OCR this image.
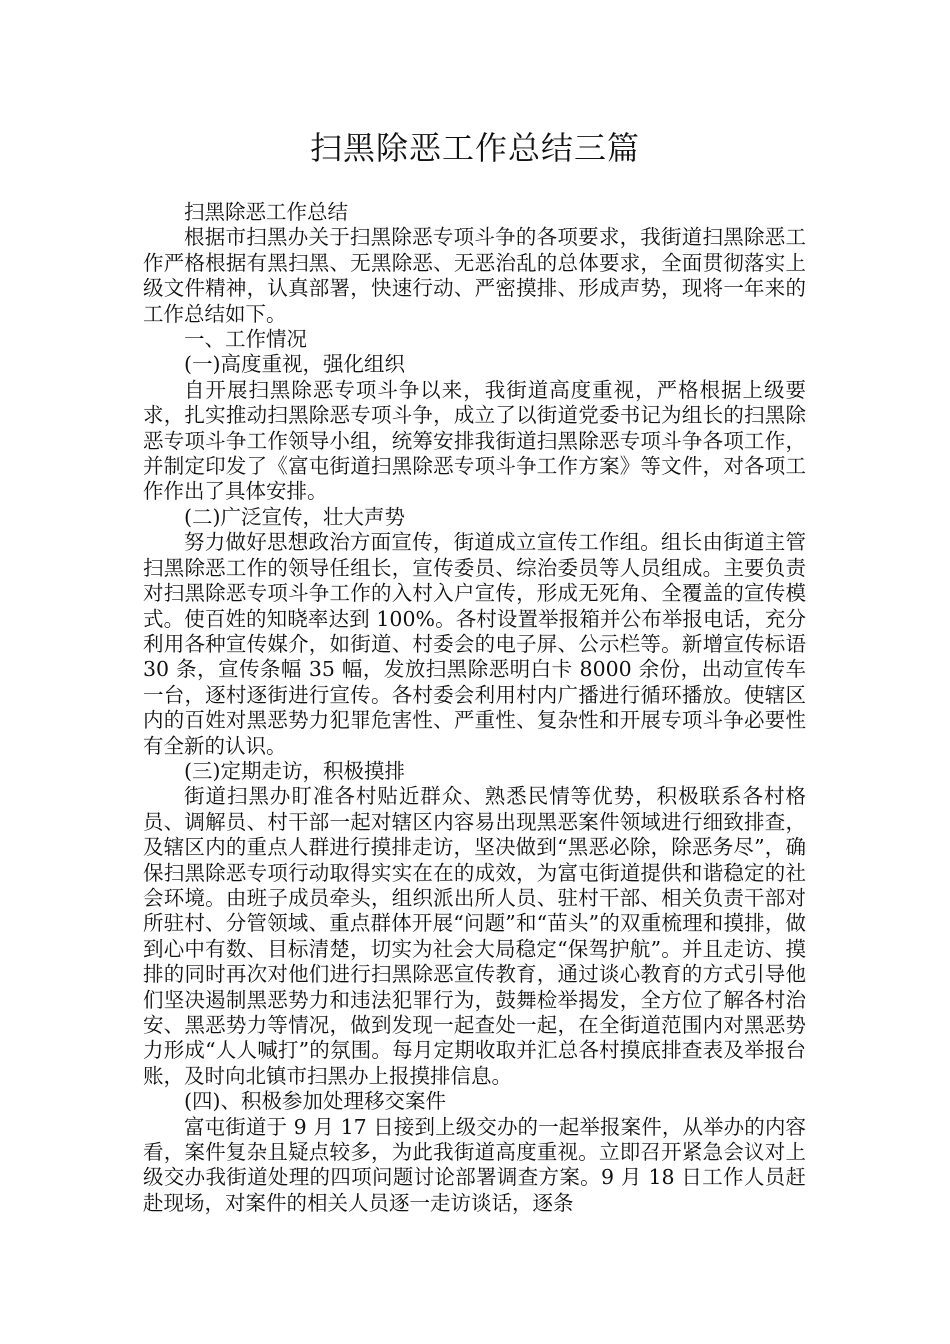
扫黑除恶工作总结三篇

扫黑除恶工作总结

根据市扫黑办关于扫黑除恶专项斗争的各项要求，我街道扫黑除恶工作严格根据有黑扫黑、无黑除恶、无恶治乱的总体要求，全面贯彻落实上级文件精神，认真部署，快速行动、严密摸排、形成声势，现将一年来的工作总结如下。

一、工作情况

(一)高度重视，强化组织

自开展扫黑除恶专项斗争以来，我街道高度重视，严格根据上级要求，扎实推动扫黑除恶专项斗争，成立了以街道党委书记为组长的扫黑除恶专项斗争工作领导小组，统筹安排我街道扫黑除恶专项斗争各项工作，并制定印发了《富屯街道扫黑除恶专项斗争工作方案》等文件，对各项工作作出了具体安排。

(二)广泛宣传，壮大声势

努力做好思想政治方面宣传，街道成立宣传工作组。组长由街道主管扫黑除恶工作的领导任组长，宣传委员、综治委员等人员组成。主要负责对扫黑除恶专项斗争工作的入村入户宣传，形成无死角、全覆盖的宣传模式。使百姓的知晓率达到 100%。各村设置举报箱并公布举报电话，充分利用各种宣传媒介，如街道、村委会的电子屏、公示栏等。新增宣传标语 30 条，宣传条幅 35 幅，发放扫黑除恶明白卡 8000 余份，出动宣传车一台，逐村逐街进行宣传。各村委会利用村内广播进行循环播放。使辖区内的百姓对黑恶势力犯罪危害性、严重性、复杂性和开展专项斗争必要性有全新的认识。

(三)定期走访，积极摸排

街道扫黑办盯准各村贴近群众、熟悉民情等优势，积极联系各村格员、调解员、村干部一起对辖区内容易出现黑恶案件领域进行细致排查，及辖区内的重点人群进行摸排走访，坚决做到“黑恶必除，除恶务尽”，确保扫黑除恶专项行动取得实实在在的成效，为富屯街道提供和谐稳定的社会环境。由班子成员牵头，组织派出所人员、驻村干部、相关负责干部对所驻村、分管领域、重点群体开展“问题”和“苗头”的双重梳理和摸排，做到心中有数、目标清楚，切实为社会大局稳定“保驾护航”。并且走访、摸排的同时再次对他们进行扫黑除恶宣传教育，通过谈心教育的方式引导他们坚决遏制黑恶势力和违法犯罪行为，鼓舞检举揭发，全方位了解各村治安、黑恶势力等情况，做到发现一起查处一起，在全街道范围内对黑恶势力形成“人人喊打”的氛围。每月定期收取并汇总各村摸底排查表及举报台账，及时向北镇市扫黑办上报摸排信息。

(四)、积极参加处理移交案件

富屯街道于 9 月 17 日接到上级交办的一起举报案件，从举办的内容看，案件复杂且疑点较多，为此我街道高度重视。立即召开紧急会议对上级交办我街道处理的四项问题讨论部署调查方案。9 月 18 日工作人员赶赴现场，对案件的相关人员逐一走访谈话，逐条
